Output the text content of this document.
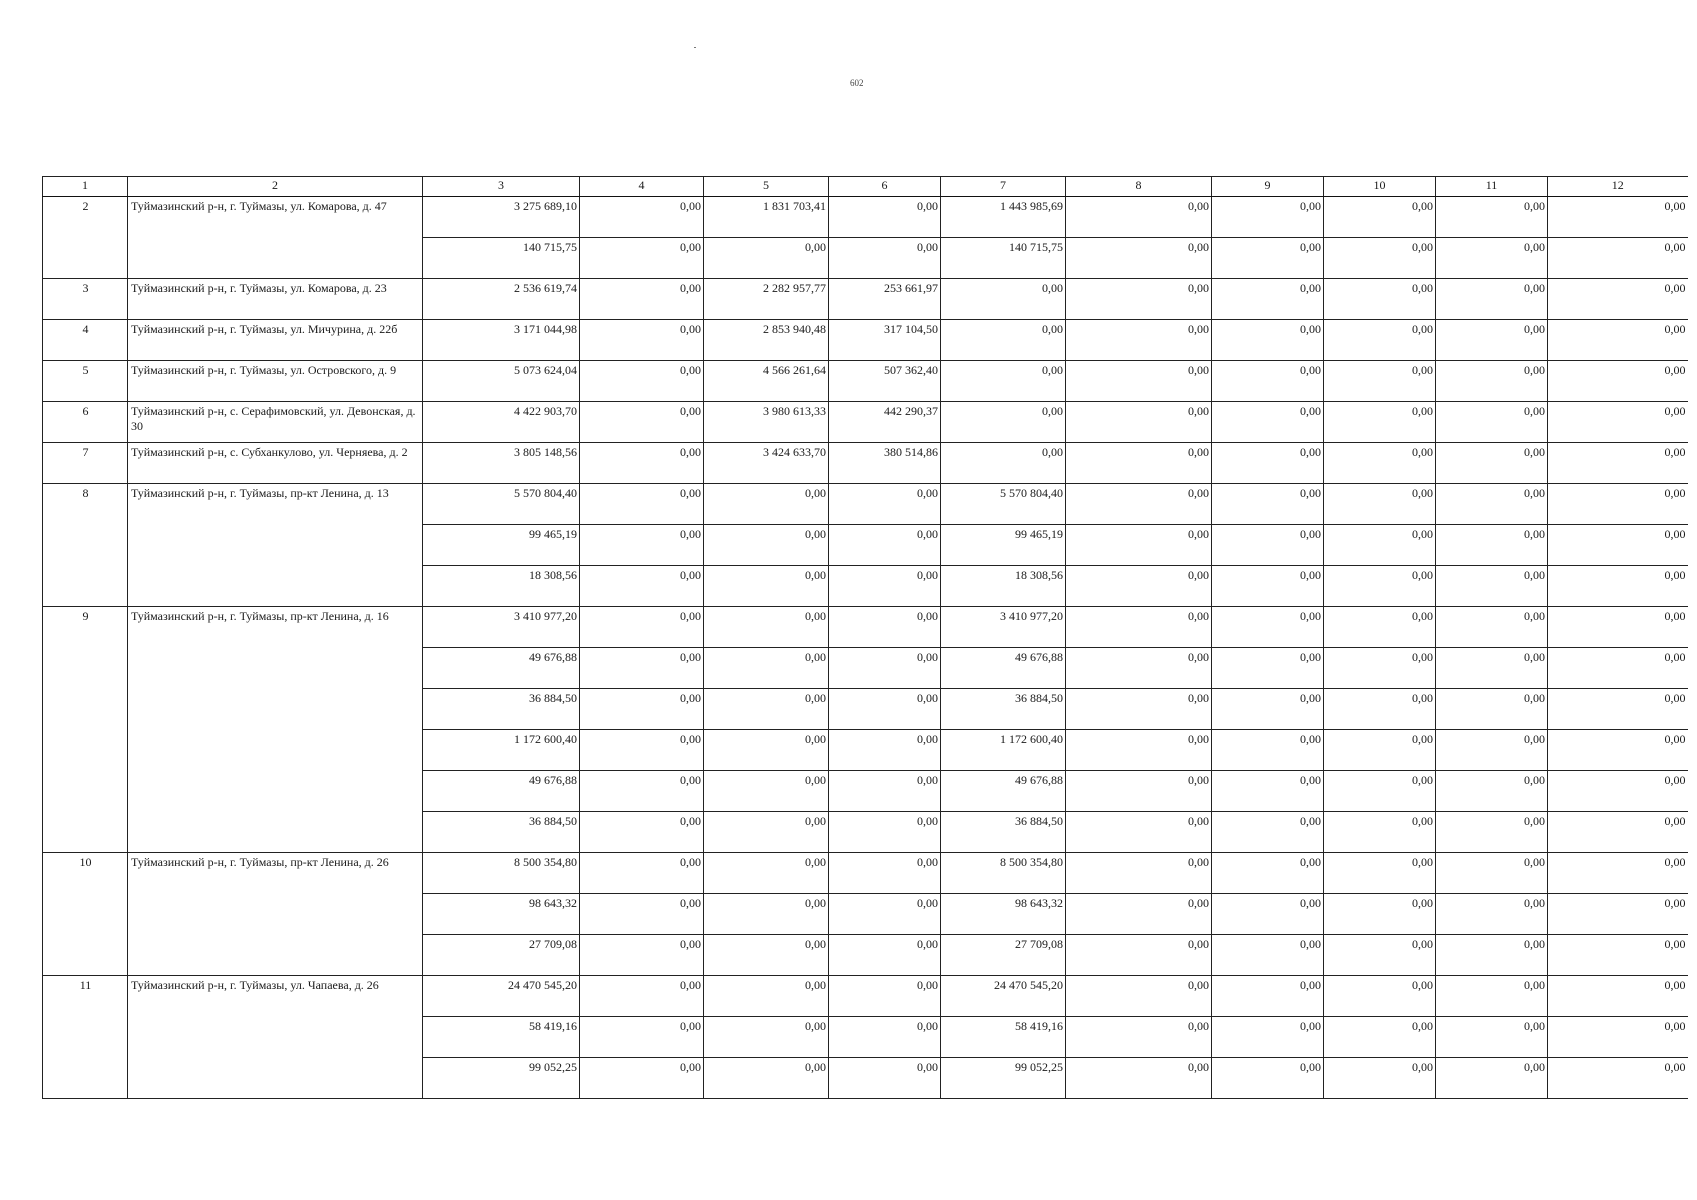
602
1	2	3	4	5	6	7	8	9	10	11	12
2	Туймазинский р-н, г. Туймазы, ул. Комарова, д. 47	3 275 689,10	0,00	1 831 703,41	0,00	1 443 985,69	0,00	0,00	0,00	0,00	0,00
		140 715,75	0,00	0,00	0,00	140 715,75	0,00	0,00	0,00	0,00	0,00
3	Туймазинский р-н, г. Туймазы, ул. Комарова, д. 23	2 536 619,74	0,00	2 282 957,77	253 661,97	0,00	0,00	0,00	0,00	0,00	0,00
4	Туймазинский р-н, г. Туймазы, ул. Мичурина, д. 22б	3 171 044,98	0,00	2 853 940,48	317 104,50	0,00	0,00	0,00	0,00	0,00	0,00
5	Туймазинский р-н, г. Туймазы, ул. Островского, д. 9	5 073 624,04	0,00	4 566 261,64	507 362,40	0,00	0,00	0,00	0,00	0,00	0,00
6	Туймазинский р-н, с. Серафимовский, ул. Девонская, д. 30	4 422 903,70	0,00	3 980 613,33	442 290,37	0,00	0,00	0,00	0,00	0,00	0,00
7	Туймазинский р-н, с. Субханкулово, ул. Черняева, д. 2	3 805 148,56	0,00	3 424 633,70	380 514,86	0,00	0,00	0,00	0,00	0,00	0,00
8	Туймазинский р-н, г. Туймазы, пр-кт Ленина, д. 13	5 570 804,40	0,00	0,00	0,00	5 570 804,40	0,00	0,00	0,00	0,00	0,00
		99 465,19	0,00	0,00	0,00	99 465,19	0,00	0,00	0,00	0,00	0,00
		18 308,56	0,00	0,00	0,00	18 308,56	0,00	0,00	0,00	0,00	0,00
9	Туймазинский р-н, г. Туймазы, пр-кт Ленина, д. 16	3 410 977,20	0,00	0,00	0,00	3 410 977,20	0,00	0,00	0,00	0,00	0,00
		49 676,88	0,00	0,00	0,00	49 676,88	0,00	0,00	0,00	0,00	0,00
		36 884,50	0,00	0,00	0,00	36 884,50	0,00	0,00	0,00	0,00	0,00
		1 172 600,40	0,00	0,00	0,00	1 172 600,40	0,00	0,00	0,00	0,00	0,00
		49 676,88	0,00	0,00	0,00	49 676,88	0,00	0,00	0,00	0,00	0,00
		36 884,50	0,00	0,00	0,00	36 884,50	0,00	0,00	0,00	0,00	0,00
10	Туймазинский р-н, г. Туймазы, пр-кт Ленина, д. 26	8 500 354,80	0,00	0,00	0,00	8 500 354,80	0,00	0,00	0,00	0,00	0,00
		98 643,32	0,00	0,00	0,00	98 643,32	0,00	0,00	0,00	0,00	0,00
		27 709,08	0,00	0,00	0,00	27 709,08	0,00	0,00	0,00	0,00	0,00
11	Туймазинский р-н, г. Туймазы, ул. Чапаева, д. 26	24 470 545,20	0,00	0,00	0,00	24 470 545,20	0,00	0,00	0,00	0,00	0,00
		58 419,16	0,00	0,00	0,00	58 419,16	0,00	0,00	0,00	0,00	0,00
		99 052,25	0,00	0,00	0,00	99 052,25	0,00	0,00	0,00	0,00	0,00
